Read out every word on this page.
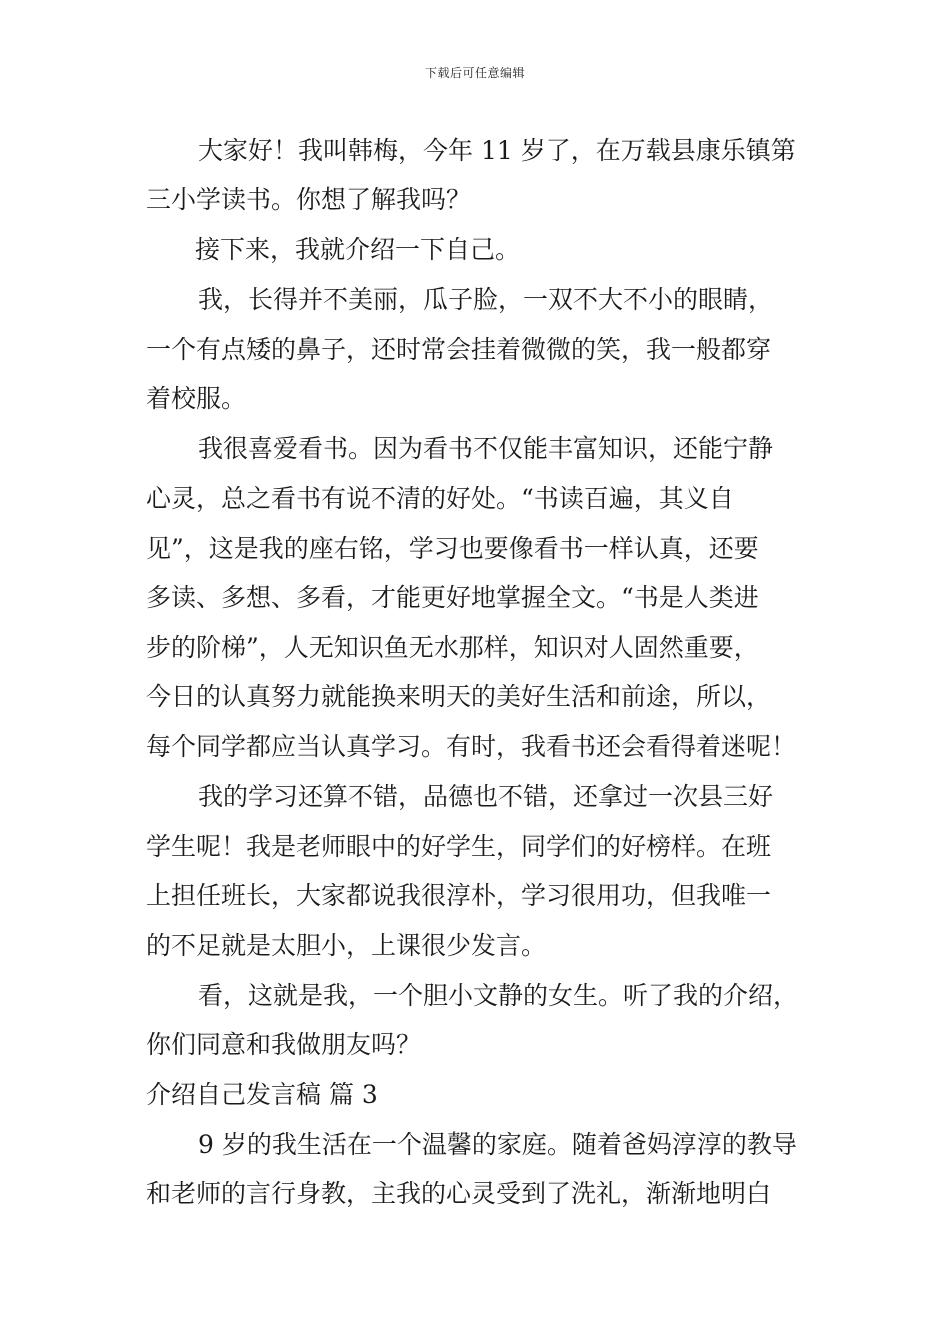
下载后可任意编辑
大家好！我叫韩梅，今年 11 岁了，在万载县康乐镇第
三小学读书。你想了解我吗？
接下来，我就介绍一下自己。
我，长得并不美丽，瓜子脸，一双不大不小的眼睛，
一个有点矮的鼻子，还时常会挂着微微的笑，我一般都穿
着校服。
我很喜爱看书。因为看书不仅能丰富知识，还能宁静
心灵，总之看书有说不清的好处。“书读百遍，其义自
见”，这是我的座右铭，学习也要像看书一样认真，还要
多读、多想、多看，才能更好地掌握全文。“书是人类进
步的阶梯”，人无知识鱼无水那样，知识对人固然重要，
今日的认真努力就能换来明天的美好生活和前途，所以，
每个同学都应当认真学习。有时，我看书还会看得着迷呢！
我的学习还算不错，品德也不错，还拿过一次县三好
学生呢！我是老师眼中的好学生，同学们的好榜样。在班
上担任班长，大家都说我很淳朴，学习很用功，但我唯一
的不足就是太胆小，上课很少发言。
看，这就是我，一个胆小文静的女生。听了我的介绍，
你们同意和我做朋友吗？
介绍自己发言稿 篇 3
9 岁的我生活在一个温馨的家庭。随着爸妈淳淳的教导
和老师的言行身教，主我的心灵受到了洗礼，渐渐地明白
